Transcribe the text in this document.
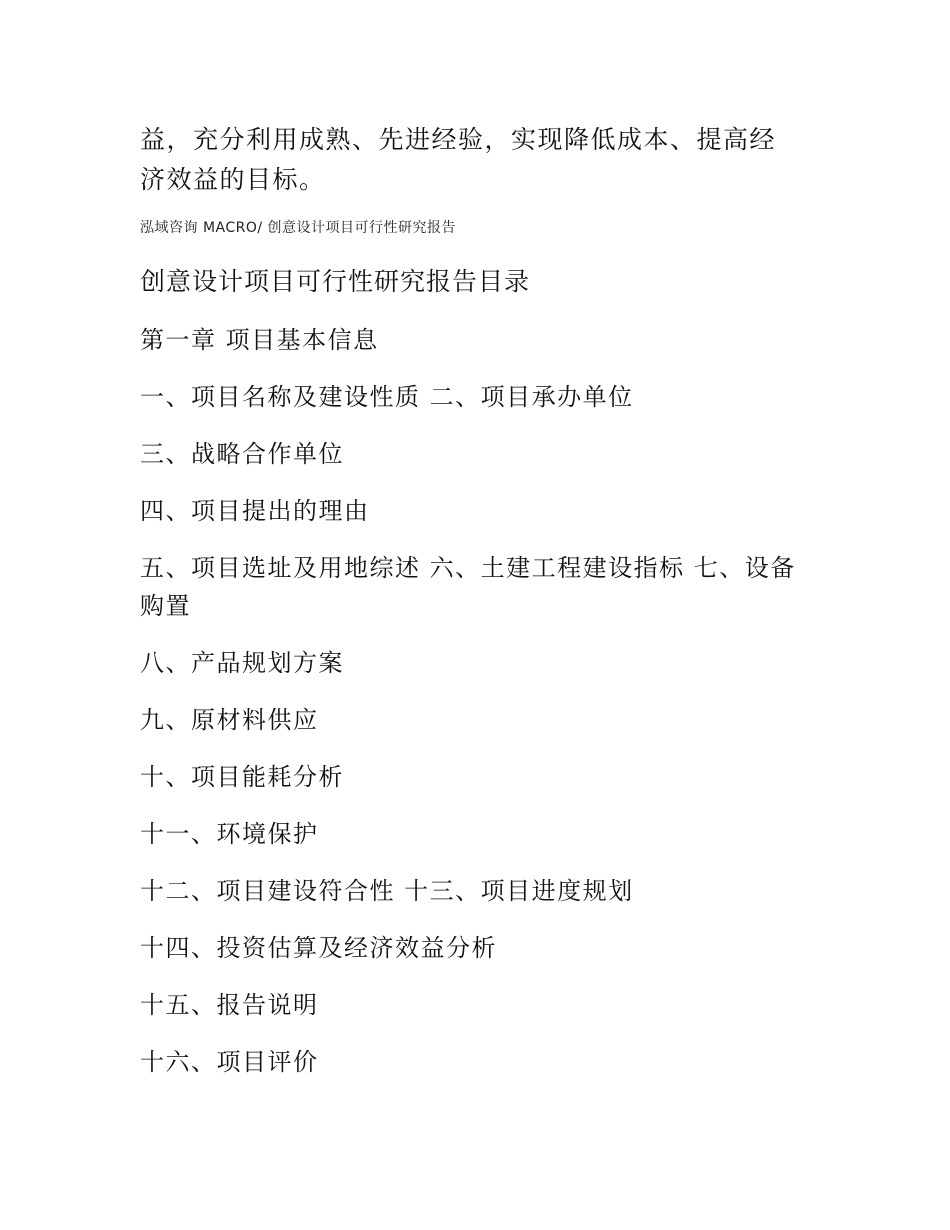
益，充分利用成熟、先进经验，实现降低成本、提高经

济效益的目标。

泓域咨询 MACRO/ 创意设计项目可行性研究报告
创意设计项目可行性研究报告目录
第一章 项目基本信息
一、项目名称及建设性质 二、项目承办单位
三、战略合作单位
四、项目提出的理由
五、项目选址及用地综述 六、土建工程建设指标 七、设备购置
八、产品规划方案
九、原材料供应
十、项目能耗分析
十一、环境保护
十二、项目建设符合性 十三、项目进度规划
十四、投资估算及经济效益分析
十五、报告说明
十六、项目评价
